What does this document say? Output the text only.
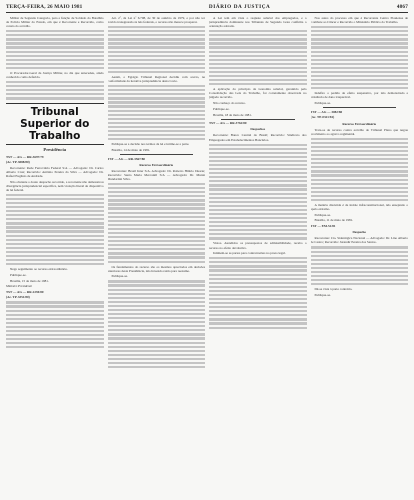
TERÇA-FEIRA, 26 MAIO 1981	DIÁRIO DA JUSTIÇA	4867

Militar de Segunda Categoria, para a função de Soldado do Batalhão da Polícia Militar do Estado, em que é Recorrente e Recorrido, como consta do acórdão.

O Procurador-Geral da Justiça Militar, no dia que antecedeu, ainda conhecido como deferido.

Tribunal Superior do Trabalho
Presidência
TST — AG — RR-3697/79
(Ac. TP-3088/80)

Recorrente: Rede Ferroviária Federal S/A — Advogado: Dr. Carlos Alberto Cruz; Recorrido: Antônio Pereira da Silva — Advogado: Dr. Rafael Eugênio de Andrade.

Não obstante o douto despacho recorrido, a recorrente não demonstrou divergência jurisprudencial específica, nem violação literal de dispositivo de lei federal.

Nego seguimento ao recurso extraordinário.

Publique-se.

Brasília, 15 de maio de 1981.

Ministro Presidente
TST — AG — RR-2294/80
(Ac. TP-3351/80)

Art. 2º, da Lei nº 6.708, de 30 de outubro de 1979, e por não ter havido transgressão às leis federais, o recurso não merece prosperar.

Assim, o Egrégio Tribunal Regional decidiu com acerto, na conformidade da iterativa jurisprudência desta Corte.

Publique-se a decisão nos termos da lei e intime-se a parte.

Brasília, 14 de maio de 1981.

TST — AG — RR-3567/80
Recurso Extraordinário

Recorrente: Brasil Inter S/A. Advogado: Dr. Roberto Hilário Duarte; Recorrido: Santa Maria Mercantil S/A — Advogado: Dr. Muniz Mandartini Silva.

Os fundamentos do recurso são os mesmos apreciados em decisões anteriores desta Presidência, não havendo razão para reexame.

Publique-se.

A Lei tem em vista o reajuste salarial dos empregados, e a jurisprudência dominante nos Tribunais de Segundo Grau confirma a orientação adotada.

A aplicação do princípio da isonomia salarial, garantido pela Consolidação das Leis do Trabalho, foi corretamente observada no julgado recorrido.

Não conheço do recurso.

Publique-se.

Brasília, 18 de maio de 1981.

TST — AG — RR-3762/80
Despachos

Recorrente: Banco Central do Brasil; Recorrido: Sindicato dos Empregados em Estabelecimentos Bancários.

Vistos. Atendidos os pressupostos de admissibilidade, recebo o recurso no efeito devolutivo.

Intimem-se as partes para contrarrazões no prazo legal.

Nos autos do processo em que é Recorrente Centro Piauiense de Combate ao Câncer e Recorrido o Ministério Público do Trabalho.

Indefiro o pedido de efeito suspensivo, por não demonstrada a existência de dano irreparável.

Publique-se.

TST — AG — 3082/80
(Ac. TP-0321/81)
Recurso Extraordinário

Trata-se de recurso contra acórdão do Tribunal Pleno que negou provimento ao agravo regimental.

A matéria discutida é de índole infraconstitucional, não ensejando o apelo extremo.

Publique-se.

Brasília, 11 de maio de 1981.

TST — EM-51/81
Despacho

Recorrente: Cia. Siderúrgica Nacional — Advogado: Dr. Lino Alberto de Castro; Recorrido: Jurandir Pereira dos Santos.

Dê-se vista à parte contrária.

Publique-se.
